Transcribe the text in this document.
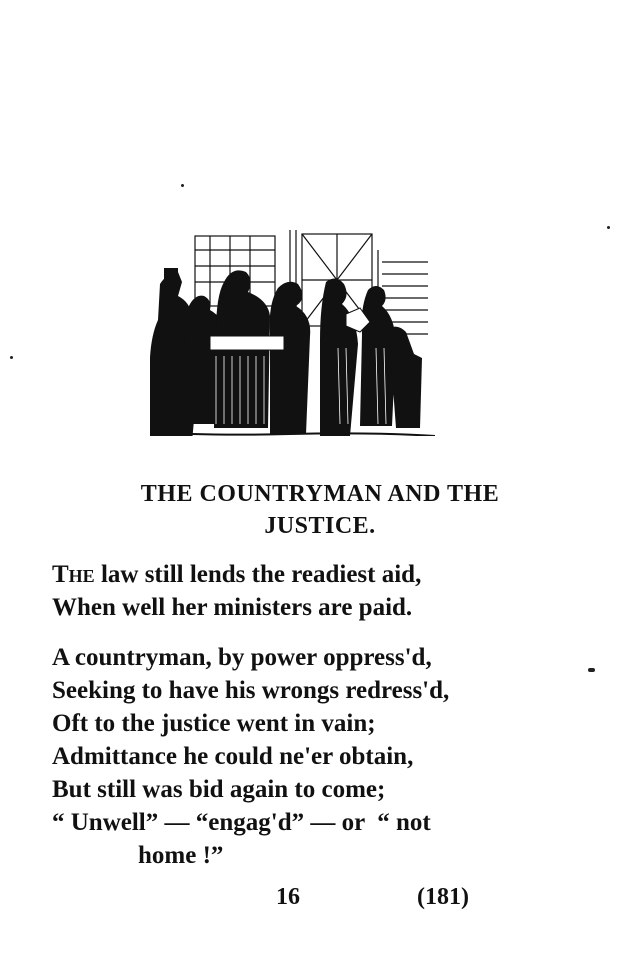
THE COUNTRYMAN AND THE
JUSTICE.
The law still lends the readiest aid,
When well her ministers are paid.
A countryman, by power oppress'd,
Seeking to have his wrongs redress'd,
Oft to the justice went in vain;
Admittance he could ne'er obtain,
But still was bid again to come;
“ Unwell” — “engag'd” — or  “ not
home !”
16	(181)
